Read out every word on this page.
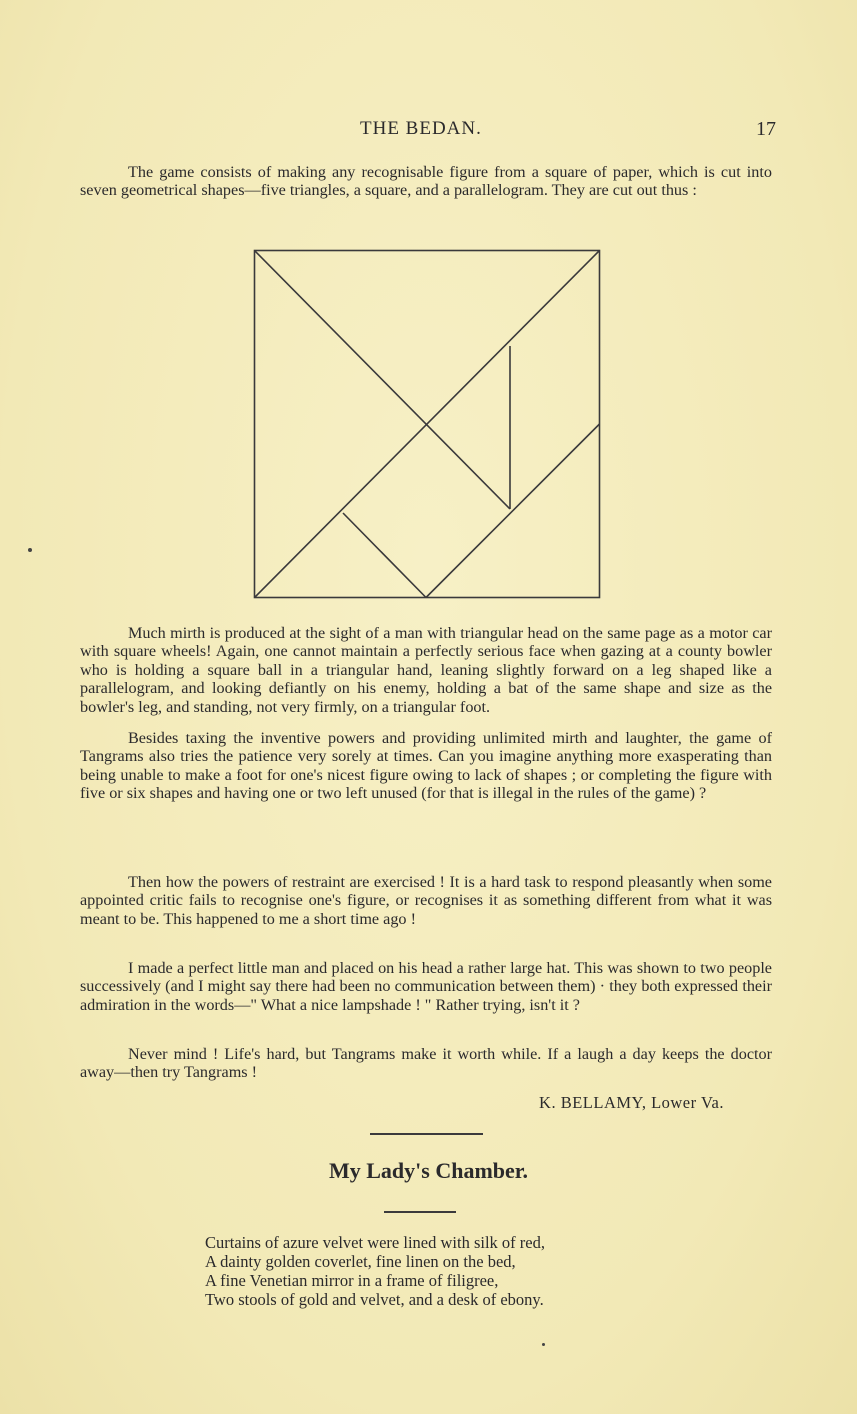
THE BEDAN.	17

The game consists of making any recognisable figure from a square of paper, which is cut into seven geometrical shapes—five triangles, a square, and a parallelogram. They are cut out thus :

Much mirth is produced at the sight of a man with triangular head on the same page as a motor car with square wheels! Again, one cannot maintain a perfectly serious face when gazing at a county bowler who is holding a square ball in a triangular hand, leaning slightly forward on a leg shaped like a parallelogram, and looking defiantly on his enemy, holding a bat of the same shape and size as the bowler's leg, and standing, not very firmly, on a triangular foot.

Besides taxing the inventive powers and providing unlimited mirth and laughter, the game of Tangrams also tries the patience very sorely at times. Can you imagine anything more exasperating than being unable to make a foot for one's nicest figure owing to lack of shapes ; or completing the figure with five or six shapes and having one or two left unused (for that is illegal in the rules of the game) ?

Then how the powers of restraint are exercised ! It is a hard task to respond pleasantly when some appointed critic fails to recognise one's figure, or recognises it as something different from what it was meant to be. This happened to me a short time ago !

I made a perfect little man and placed on his head a rather large hat. This was shown to two people successively (and I might say there had been no communication between them) · they both expressed their admiration in the words—" What a nice lampshade ! " Rather trying, isn't it ?

Never mind ! Life's hard, but Tangrams make it worth while. If a laugh a day keeps the doctor away—then try Tangrams !

K. BELLAMY, Lower Va.
My Lady's Chamber.
Curtains of azure velvet were lined with silk of red,
A dainty golden coverlet, fine linen on the bed,
A fine Venetian mirror in a frame of filigree,
Two stools of gold and velvet, and a desk of ebony.
